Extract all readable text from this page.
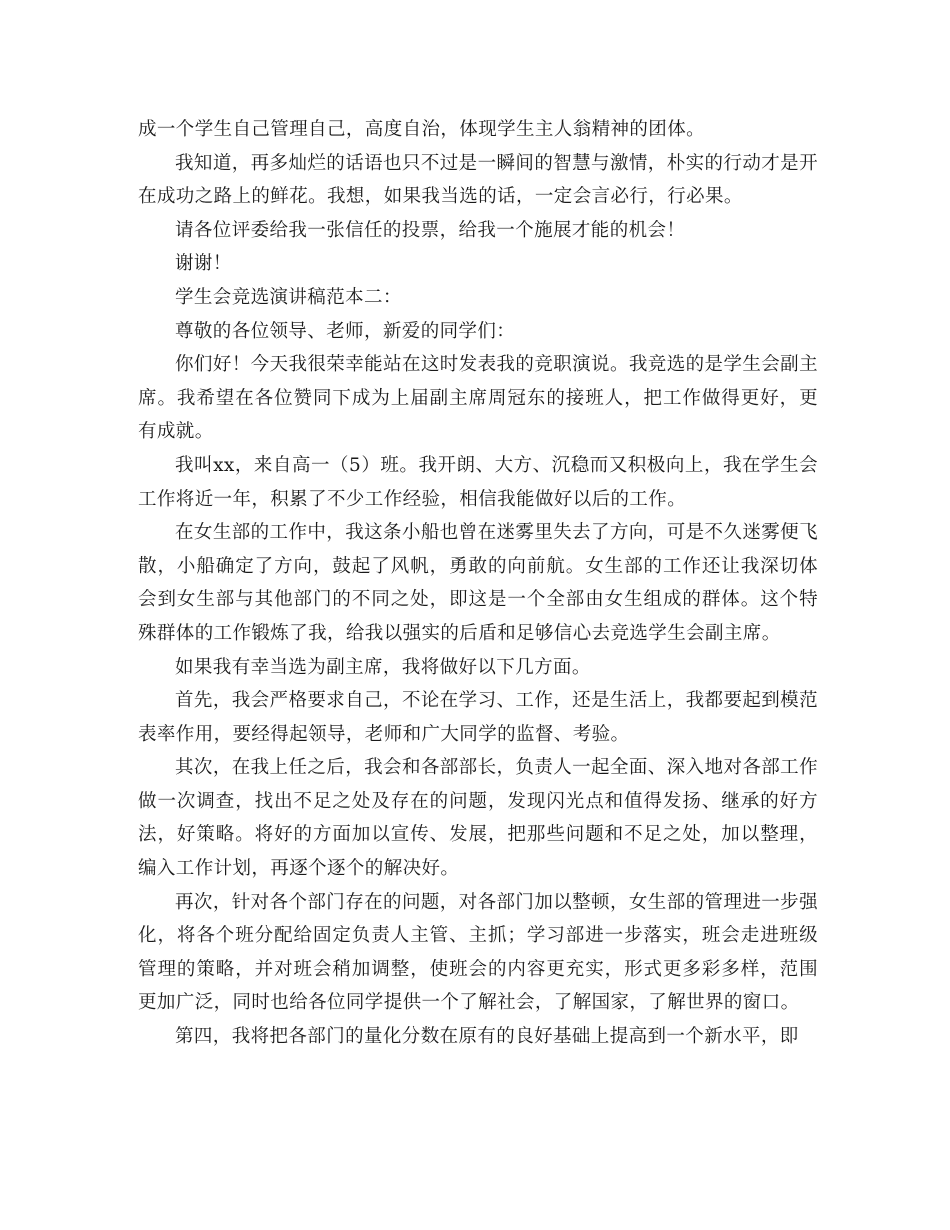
成一个学生自己管理自己，高度自治，体现学生主人翁精神的团体。

我知道，再多灿烂的话语也只不过是一瞬间的智慧与激情，朴实的行动才是开在成功之路上的鲜花。我想，如果我当选的话，一定会言必行，行必果。

请各位评委给我一张信任的投票，给我一个施展才能的机会！

谢谢！

学生会竞选演讲稿范本二：

尊敬的各位领导、老师，新爱的同学们：

你们好！今天我很荣幸能站在这时发表我的竞职演说。我竞选的是学生会副主席。我希望在各位赞同下成为上届副主席周冠东的接班人，把工作做得更好，更有成就。

我叫xx，来自高一（5）班。我开朗、大方、沉稳而又积极向上，我在学生会工作将近一年，积累了不少工作经验，相信我能做好以后的工作。

在女生部的工作中，我这条小船也曾在迷雾里失去了方向，可是不久迷雾便飞散，小船确定了方向，鼓起了风帆，勇敢的向前航。女生部的工作还让我深切体会到女生部与其他部门的不同之处，即这是一个全部由女生组成的群体。这个特殊群体的工作锻炼了我，给我以强实的后盾和足够信心去竞选学生会副主席。

如果我有幸当选为副主席，我将做好以下几方面。

首先，我会严格要求自己，不论在学习、工作，还是生活上，我都要起到模范表率作用，要经得起领导，老师和广大同学的监督、考验。

其次，在我上任之后，我会和各部部长，负责人一起全面、深入地对各部工作做一次调查，找出不足之处及存在的问题，发现闪光点和值得发扬、继承的好方法，好策略。将好的方面加以宣传、发展，把那些问题和不足之处，加以整理，编入工作计划，再逐个逐个的解决好。

再次，针对各个部门存在的问题，对各部门加以整顿，女生部的管理进一步强化，将各个班分配给固定负责人主管、主抓；学习部进一步落实，班会走进班级管理的策略，并对班会稍加调整，使班会的内容更充实，形式更多彩多样，范围更加广泛，同时也给各位同学提供一个了解社会，了解国家，了解世界的窗口。

第四，我将把各部门的量化分数在原有的良好基础上提高到一个新水平，即
